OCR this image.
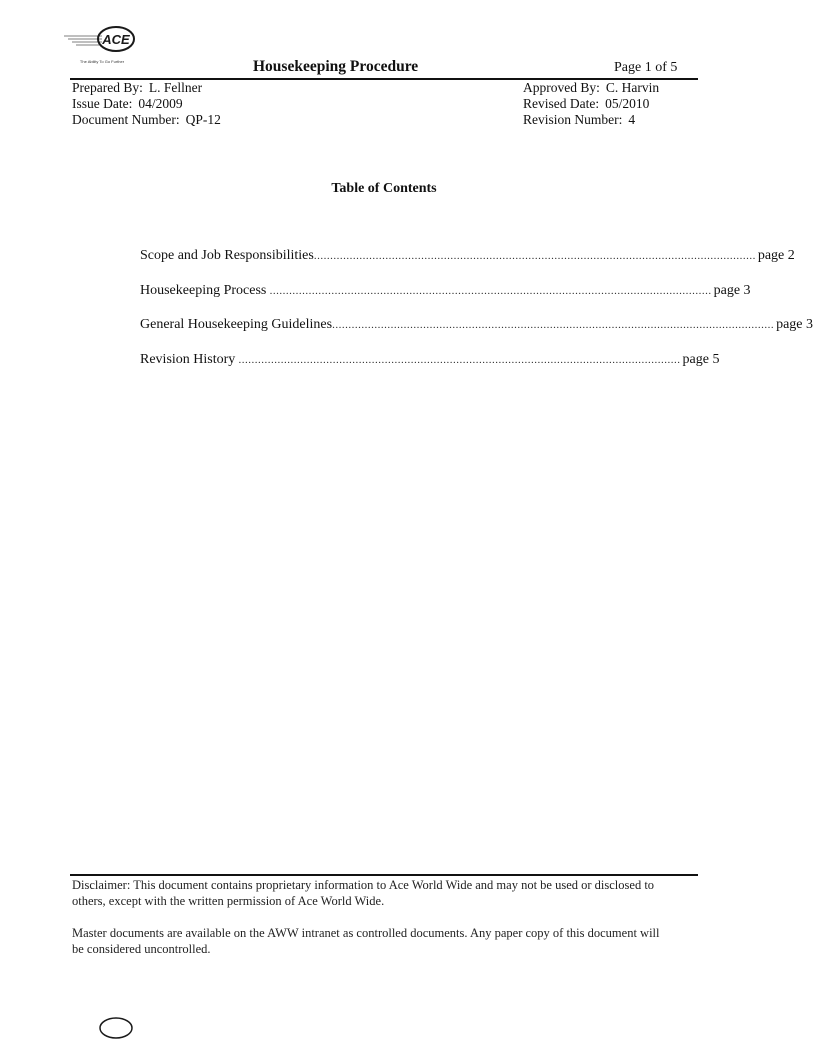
ACE
The Ability To Go Further	Housekeeping Procedure	Page 1 of 5
Prepared By: L. Fellner
Issue Date: 04/2009
Document Number: QP-12
Approved By: C. Harvin
Revised Date: 05/2010
Revision Number: 4
Table of Contents
Scope and Job Responsibilities ........................................................................................................................................ page 2
Housekeeping Process ........................................................................................................................................ page 3
General Housekeeping Guidelines ........................................................................................................................................ page 3
Revision History ........................................................................................................................................ page 5
Disclaimer: This document contains proprietary information to Ace World Wide and may not be used or disclosed to others, except with the written permission of Ace World Wide.
Master documents are available on the AWW intranet as controlled documents. Any paper copy of this document will be considered uncontrolled.
